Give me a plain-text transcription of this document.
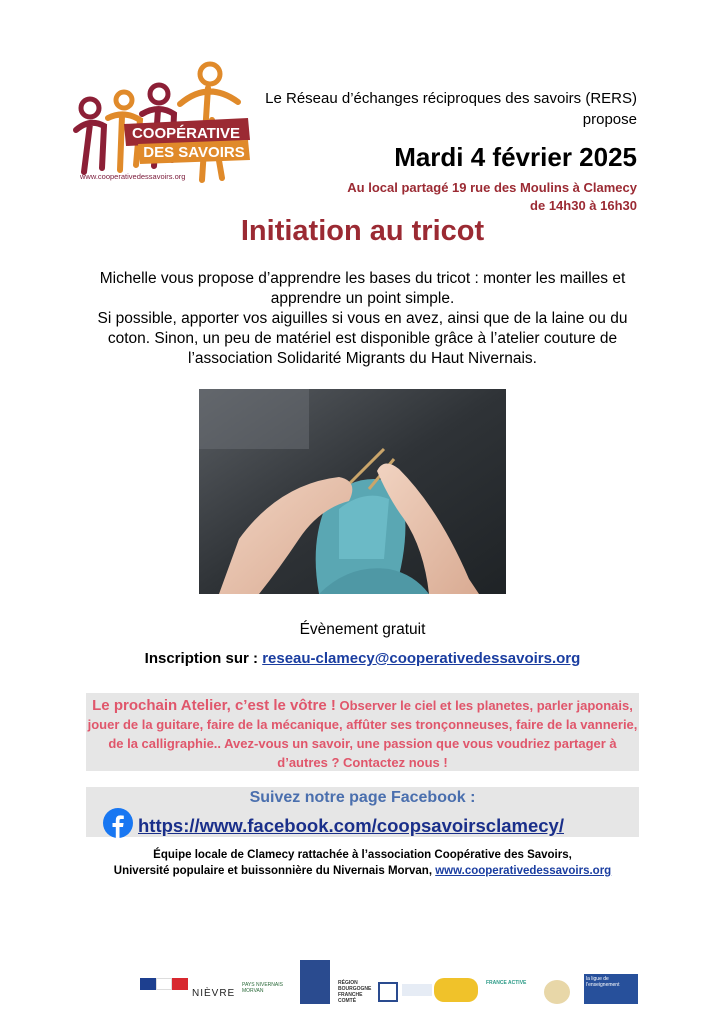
COOPÉRATIVE
DES SAVOIRS
www.cooperativedessavoirs.org
Le Réseau d’échanges réciproques des savoirs (RERS) propose
Mardi 4 février 2025
Au local partagé 19 rue des Moulins à Clamecy
de 14h30 à 16h30
Initiation au tricot
Michelle vous propose d’apprendre les bases du tricot : monter les mailles et apprendre un point simple.
Si possible, apporter vos aiguilles si vous en avez, ainsi que de la laine ou du coton. Sinon, un peu de matériel est disponible grâce à l’atelier couture de l’association Solidarité Migrants du Haut Nivernais.
Évènement gratuit
Inscription sur : reseau-clamecy@cooperativedessavoirs.org
Le prochain Atelier, c’est le vôtre ! Observer le ciel et les planetes, parler japonais, jouer de la guitare, faire de la mécanique, affûter ses tronçonneuses, faire de la vannerie, de la calligraphie.. Avez-vous un savoir, une passion que vous voudriez partager à d’autres ? Contactez nous !
Suivez notre page Facebook :
https://www.facebook.com/coopsavoirsclamecy/
Équipe locale de Clamecy rattachée à l’association Coopérative des Savoirs,
Université populaire et buissonnière du Nivernais Morvan, www.cooperativedessavoirs.org
NIÈVRE
PAYS NIVERNAIS MORVAN
RÉGION BOURGOGNE FRANCHE COMTÉ
FRANCE ACTIVE
la ligue de l'enseignement
